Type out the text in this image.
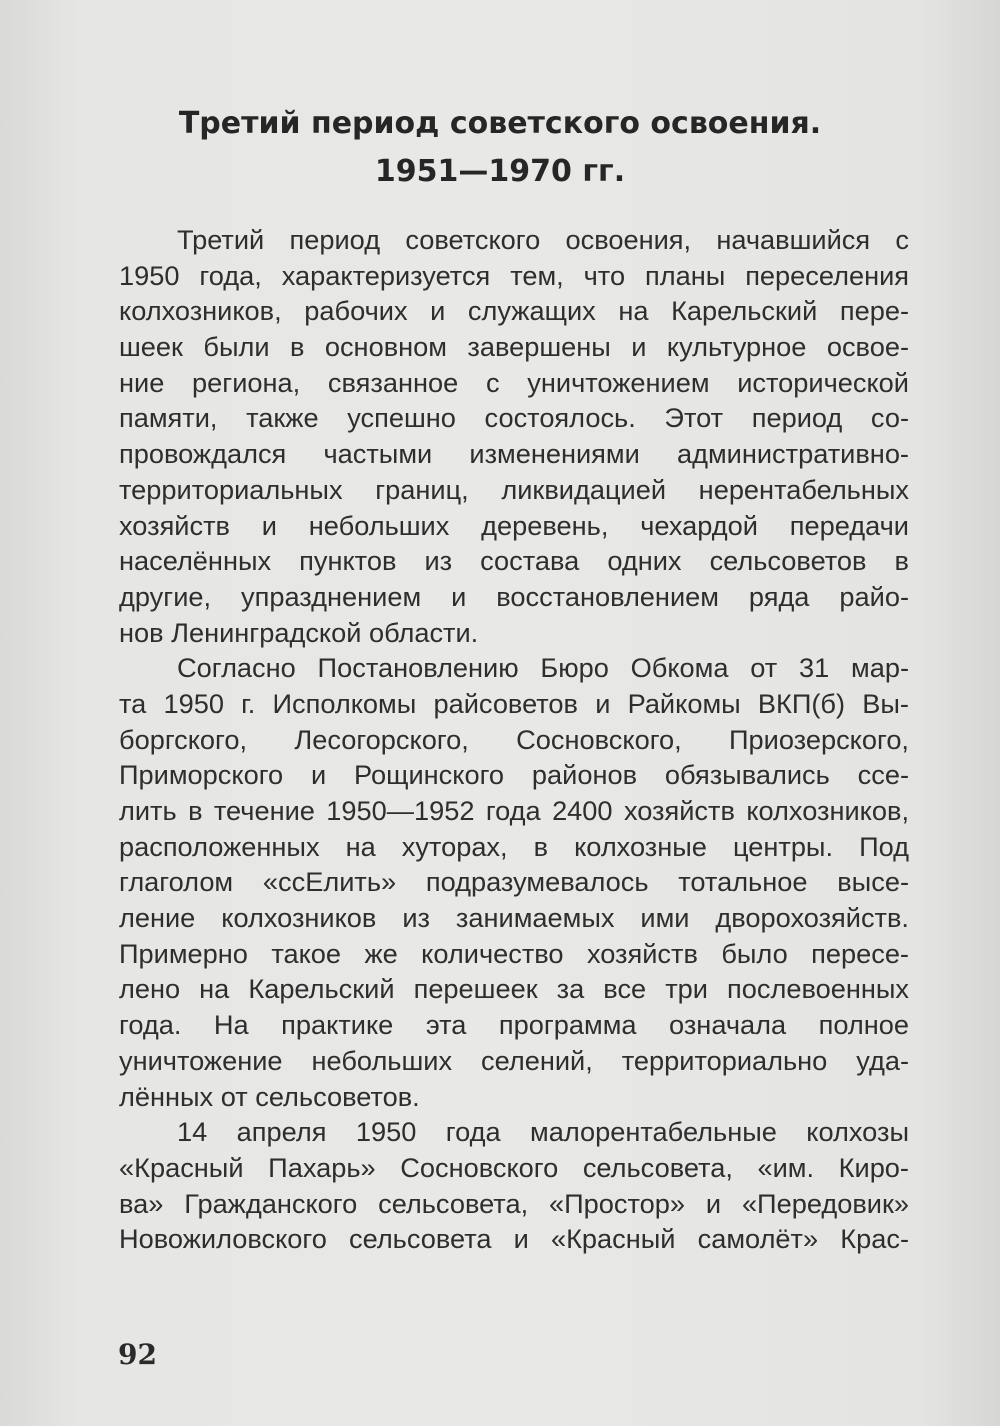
Третий период советского освоения.
1951—1970 гг.
Третий период советского освоения, начавшийся с
1950 года, характеризуется тем, что планы переселения
колхозников, рабочих и служащих на Карельский пере-
шеек были в основном завершены и культурное освое-
ние региона, связанное с уничтожением исторической
памяти, также успешно состоялось. Этот период со-
провождался частыми изменениями административно-
территориальных границ, ликвидацией нерентабельных
хозяйств и небольших деревень, чехардой передачи
населённых пунктов из состава одних сельсоветов в
другие, упразднением и восстановлением ряда райо-
нов Ленинградской области.
Согласно Постановлению Бюро Обкома от 31 мар-
та 1950 г. Исполкомы райсоветов и Райкомы ВКП(б) Вы-
боргского, Лесогорского, Сосновского, Приозерского,
Приморского и Рощинского районов обязывались ссе-
лить в течение 1950—1952 года 2400 хозяйств колхозников,
расположенных на хуторах, в колхозные центры. Под
глаголом «ссЕлить» подразумевалось тотальное высе-
ление колхозников из занимаемых ими дворохозяйств.
Примерно такое же количество хозяйств было пересе-
лено на Карельский перешеек за все три послевоенных
года. На практике эта программа означала полное
уничтожение небольших селений, территориально уда-
лённых от сельсоветов.
14 апреля 1950 года малорентабельные колхозы
«Красный Пахарь» Сосновского сельсовета, «им. Киро-
ва» Гражданского сельсовета, «Простор» и «Передовик»
Новожиловского сельсовета и «Красный самолёт» Крас-
92
